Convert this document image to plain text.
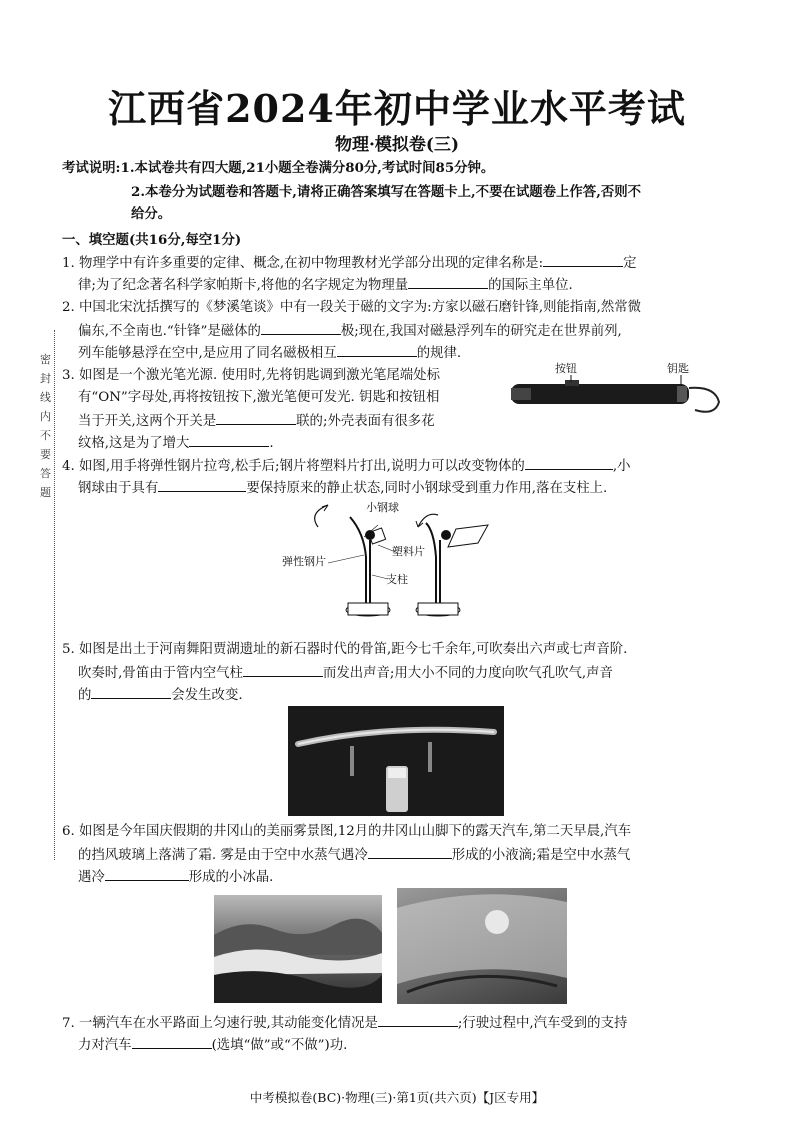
江西省2024年初中学业水平考试
物理·模拟卷(三)
考试说明:1.本试卷共有四大题,21小题全卷满分80分,考试时间85分钟。
2.本卷分为试题卷和答题卡,请将正确答案填写在答题卡上,不要在试题卷上作答,否则不
给分。
一、填空题(共16分,每空1分)
密
封
线
内
不
要
答
题
1. 物理学中有许多重要的定律、概念,在初中物理教材光学部分出现的定律名称是:	定
律;为了纪念著名科学家帕斯卡,将他的名字规定为物理量	的国际主单位.
2. 中国北宋沈括撰写的《梦溪笔谈》中有一段关于磁的文字为:方家以磁石磨针锋,则能指南,然常微
偏东,不全南也.“针锋”是磁体的	极;现在,我国对磁悬浮列车的研究走在世界前列,
列车能够悬浮在空中,是应用了同名磁极相互	的规律.
3. 如图是一个激光笔光源. 使用时,先将钥匙调到激光笔尾端处标
有“ON”字母处,再将按钮按下,激光笔便可发光. 钥匙和按钮相
当于开关,这两个开关是	联的;外壳表面有很多花
纹格,这是为了增大	.
按钮	钥匙
4. 如图,用手将弹性钢片拉弯,松手后;钢片将塑料片打出,说明力可以改变物体的	,小
钢球由于具有	要保持原来的静止状态,同时小钢球受到重力作用,落在支柱上.
小钢球
弹性钢片
塑料片
支柱
5. 如图是出土于河南舞阳贾湖遗址的新石器时代的骨笛,距今七千余年,可吹奏出六声或七声音阶.
吹奏时,骨笛由于管内空气柱	而发出声音;用大小不同的力度向吹气孔吹气,声音
的	会发生改变.
6. 如图是今年国庆假期的井冈山的美丽雾景图,12月的井冈山山脚下的露天汽车,第二天早晨,汽车
的挡风玻璃上落满了霜. 雾是由于空中水蒸气遇冷	形成的小液滴;霜是空中水蒸气
遇冷	形成的小冰晶.
7. 一辆汽车在水平路面上匀速行驶,其动能变化情况是	;行驶过程中,汽车受到的支持
力对汽车	(选填“做”或“不做”)功.
中考模拟卷(BC)·物理(三)·第1页(共六页)【J区专用】
